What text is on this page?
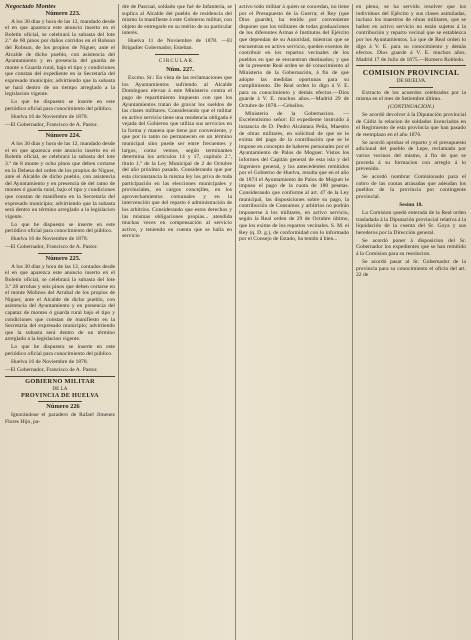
Negociado Montes

Número 223.

A los 30 dias y hora de las 12, mandado desde el en que aparezca este anuncio inserto en el Boletin oficial, se celebrará la subasta del lote 2.º de 60 pinos por daños corridos en el Robsun del Robsun, de los propios de Niguer, ante el Alcalde de dicho pueblo, con asistencia del Ayuntamiento y en presencia del guarda de monte o Guarda rural, bajo el tipo y condiciones que constan del expediente en la Secretaría del expresado municipio; advirtiendo que la subasta se hará dentro de un tiempo arreglado a la legislacion vigente.

Lo que he dispuesto se inserte en este periódico oficial para conocimiento del público.

Huelva 16 de Noviembre de 1878.

—El Gobernador, Francisco de A. Pastor.

Número 224.

A los 30 dias y hora de las 12, mandado desde el en que aparezca este anuncio inserto en el Boletín oficial, se celebrará la subasta del lote 3.º de 8 monte y ocho pinos que deben cortarse en la Dehesa del orden de los propios de Niguer, ante el Alcalde de dicho pueblo, con asistencia del Ayuntamiento y en presencia de del ramo de montes ó guarda rural, bajo el tipo y condiciones que constan de manifiesto en la Secretaría del expresado municipio; advirtiendo que la subasta será dentro un término arreglado a la legislacion vigente.

Lo que he dispuesto se inserte en este periódico oficial para conocimiento del público.

Huelva 16 de Noviembre de 1878.

—El Gobernador, Francisco de A. Pastor.

Número 225.

A los 30 dias y hora de las 12, contados desde el en que aparezca este anuncio inserto en el Boletín oficial, se celebrará la subasta del lote 3.º 28 arrobas y seis pinos que deben cortarse en el monte Molinos del Arrabal de los propios de Niguer, ante el Alcalde de dicho pueblo, con asistencia del Ayuntamiento y en presencia del capataz de montes ó guarda rural bajo el tipo y condiciones que constan de manifiesto en la Secretaría del expresado municipio; advirtiendo que la subasta será dentro de un término arreglado a la legislacion vigente.

Lo que he dispuesto se inserte en este periódico oficial para conocimiento del público.

Huelva 16 de Noviembre de 1878.

—El Gobernador, Francisco de A. Pastor.

GOBIERNO MILITAR
DE LA
PROVINCIA DE HUELVA

Número 226

Ignorándose el paradero de Rafael Jimenez Flores Hijo, pa-

dre de Pascual, soldado que fué de Infantería, se suplica al Alcalde del pueblo de residencia del mismo la manifieste á este Gobierno militar, con objeto de entregarle en su mérito de su particular interés.

Huelva 11 de Noviembre de 1878. —El Brigadier Gobernador, Esteban.

CIRCULAR.

Núm. 227.

Excmo. Sr.: En vista de las reclamaciones que los Ayuntamientos sufriendo al Alcalde Domínguez elevan á este Ministerio contra el pago de repartimiento impuesto con que los Ayuntamientos tratan de gravar los sueldos de las clases militares. Considerando que el militar en activo servicio tiene una residencia obligada é vejada del Gobierno que utiliza sus servicios en la forma y manera que tiene por conveniente, y que por lo tanto no permanecen en un término municipal sino puede ser entre frecuentes y largos, como vemos, según terminantes determina los artículos 14 y 17, capítulo 2.º, título 1.º de la Ley Municipal de 2 de Octubre del año próximo pasado. Considerando que por esta circunstancia la misma ley los priva de toda participación en las elecciones municipales y provinciales, en cargos concejiles, en los aprovechamientos comunales y en la intervención que del reparto é administración de los arbitrios. Considerando que estos derechos y las mismas obligaciones propias... atendida muchas veces en compensación al servicio activo, y teniendo en cuenta que se halla en servicio

activo todo militar á quien se concedan, no tiene por el Presupuesto de la Guerra; el Rey (que Dios guarde), ha tenido por conveniente disponer que los militares de todas graduaciones de los diferentes Armas é Institutos del Ejército que dependan de su Autoridad, mientras que se encuentran en activo servicio, queden exentos de contribuir en los repartos vecinales de los pueblos en que se encuentran destinados; y que de la presente Real orden se dé conocimiento al Ministerio de la Gobernación, á fin de que adopte las medidas oportunas para su cumplimiento. De Real orden lo digo á V. E. para su conocimiento y demás efectos.—Dios guarde á V. E. muchos años.—Madrid 29 de Octubre de 1878.—Ceballos.

Ministerio de la Gobernacion. —Excelentísimo señor: El expediente instruido á instancia de D. Pedro Alcántara Peña, Maestro de obras militares, en solicitud de que se le exima del pago de la contribución que se le impone en concepto de haberes personales por el Ayuntamiento de Palos de Moguer. Vistos los informes del Capitán general de esta isla y del Ingeniero general, y los antecedentes remitidos por el Gobierno de Huelva, resulta que en el año de 1874 el Ayuntamiento de Palos de Moguer le impuso el pago de la cuota de 180 pesetas. Considerando que conforme al art. 47 de la Ley municipal, las disposiciones sobre su pago, la contribución de Consumos y arbitrios no podrán imponerse á los militares, en activo servicio, según la Real orden de 29 de Octubre último, que los exime de los repartos vecinales. S. M. el Rey (q. D. g.), de conformidad con lo informado por el Consejo de Estado, ha tenido á bien...

en pleno, se ha servido resolver que los individuos del Ejército y sus clases asimiladas, incluso los maestros de obras militares, que se hallen en activo servicio no están sujetos á la contribución y reparto vecinal que se establezca por los Ayuntamientos. Lo que de Real orden lo digo á V. E. para su conocimiento y demás efectos. Dios guarde á V. E. muchos años. Madrid 17 de Julio de 1875.—Romero Robledo.

COMISION PROVINCIAL
DE HUELVA

Extracto de los acuerdos celebrados por la misma en el mes de Setiembre último.

(CONTINUACION.)

Se acordó devolver á la Diputación provincial de Cádiz la relacion de soldados licenciados en el Regimiento de esta provincia que han pasado de reemplazo en el año 1876.

Se acordó aprobar el reparto y el presupuesto adicional del pueblo de Lepe, reclamado por varios vecinos del mismo, á fin de que se proceda á su formacion con arreglo á lo prevenido.

Se acordó nombrar Comisionado para el cobro de las cuotas atrasadas que adeudan los pueblos de la provincia por contingente provincial.

Sesion 18.

La Comision quedó enterada de la Real orden trasladada á la Diputación provincial relativa á la liquidación de la cuenta del Sr. Goya y sus herederos por la Dirección general.

Se acordó poner á disposicion del Sr. Gobernador los expedientes que se han remitido á la Comision para su resolucion.

Se acordó pasar al Sr. Gobernador de la provincia para su conocimiento el oficio del art. 22 de
